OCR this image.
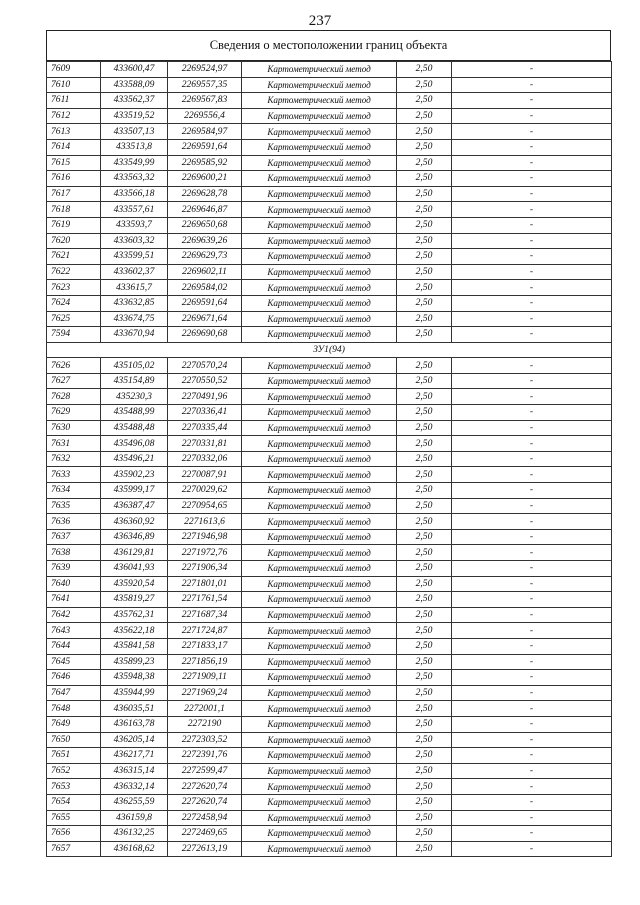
237
Сведения о местоположении границ объекта
7609	433600,47	2269524,97	Картометрический метод	2,50	-
7610	433588,09	2269557,35	Картометрический метод	2,50	-
7611	433562,37	2269567,83	Картометрический метод	2,50	-
7612	433519,52	2269556,4	Картометрический метод	2,50	-
7613	433507,13	2269584,97	Картометрический метод	2,50	-
7614	433513,8	2269591,64	Картометрический метод	2,50	-
7615	433549,99	2269585,92	Картометрический метод	2,50	-
7616	433563,32	2269600,21	Картометрический метод	2,50	-
7617	433566,18	2269628,78	Картометрический метод	2,50	-
7618	433557,61	2269646,87	Картометрический метод	2,50	-
7619	433593,7	2269650,68	Картометрический метод	2,50	-
7620	433603,32	2269639,26	Картометрический метод	2,50	-
7621	433599,51	2269629,73	Картометрический метод	2,50	-
7622	433602,37	2269602,11	Картометрический метод	2,50	-
7623	433615,7	2269584,02	Картометрический метод	2,50	-
7624	433632,85	2269591,64	Картометрический метод	2,50	-
7625	433674,75	2269671,64	Картометрический метод	2,50	-
7594	433670,94	2269690,68	Картометрический метод	2,50	-
ЗУ1(94)					
7626	435105,02	2270570,24	Картометрический метод	2,50	-
7627	435154,89	2270550,52	Картометрический метод	2,50	-
7628	435230,3	2270491,96	Картометрический метод	2,50	-
7629	435488,99	2270336,41	Картометрический метод	2,50	-
7630	435488,48	2270335,44	Картометрический метод	2,50	-
7631	435496,08	2270331,81	Картометрический метод	2,50	-
7632	435496,21	2270332,06	Картометрический метод	2,50	-
7633	435902,23	2270087,91	Картометрический метод	2,50	-
7634	435999,17	2270029,62	Картометрический метод	2,50	-
7635	436387,47	2270954,65	Картометрический метод	2,50	-
7636	436360,92	2271613,6	Картометрический метод	2,50	-
7637	436346,89	2271946,98	Картометрический метод	2,50	-
7638	436129,81	2271972,76	Картометрический метод	2,50	-
7639	436041,93	2271906,34	Картометрический метод	2,50	-
7640	435920,54	2271801,01	Картометрический метод	2,50	-
7641	435819,27	2271761,54	Картометрический метод	2,50	-
7642	435762,31	2271687,34	Картометрический метод	2,50	-
7643	435622,18	2271724,87	Картометрический метод	2,50	-
7644	435841,58	2271833,17	Картометрический метод	2,50	-
7645	435899,23	2271856,19	Картометрический метод	2,50	-
7646	435948,38	2271909,11	Картометрический метод	2,50	-
7647	435944,99	2271969,24	Картометрический метод	2,50	-
7648	436035,51	2272001,1	Картометрический метод	2,50	-
7649	436163,78	2272190	Картометрический метод	2,50	-
7650	436205,14	2272303,52	Картометрический метод	2,50	-
7651	436217,71	2272391,76	Картометрический метод	2,50	-
7652	436315,14	2272599,47	Картометрический метод	2,50	-
7653	436332,14	2272620,74	Картометрический метод	2,50	-
7654	436255,59	2272620,74	Картометрический метод	2,50	-
7655	436159,8	2272458,94	Картометрический метод	2,50	-
7656	436132,25	2272469,65	Картометрический метод	2,50	-
7657	436168,62	2272613,19	Картометрический метод	2,50	-
